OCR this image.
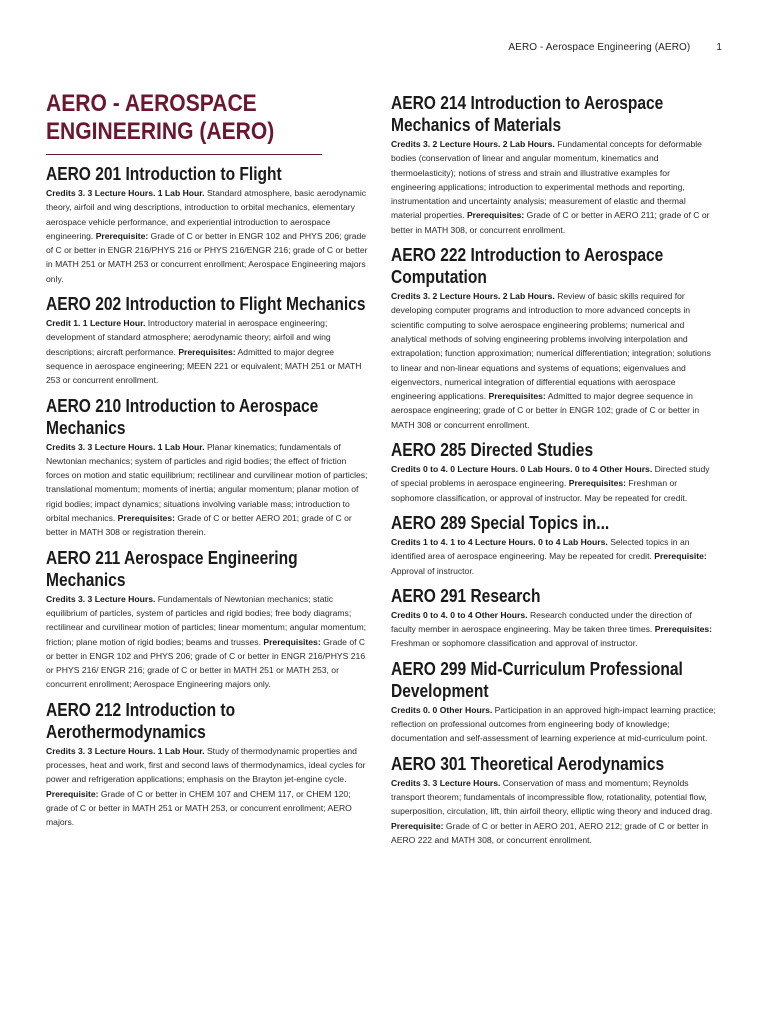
AERO - Aerospace Engineering (AERO)	1
AERO - AEROSPACE ENGINEERING (AERO)
AERO 201 Introduction to Flight

Credits 3. 3 Lecture Hours. 1 Lab Hour. Standard atmosphere, basic aerodynamic theory, airfoil and wing descriptions, introduction to orbital mechanics, elementary aerospace vehicle performance, and experiential introduction to aerospace engineering. Prerequisite: Grade of C or better in ENGR 102 and PHYS 206; grade of C or better in ENGR 216/PHYS 216 or PHYS 216/ENGR 216; grade of C or better in MATH 251 or MATH 253 or concurrent enrollment; Aerospace Engineering majors only.

AERO 202 Introduction to Flight Mechanics

Credit 1. 1 Lecture Hour. Introductory material in aerospace engineering; development of standard atmosphere; aerodynamic theory; airfoil and wing descriptions; aircraft performance. Prerequisites: Admitted to major degree sequence in aerospace engineering; MEEN 221 or equivalent; MATH 251 or MATH 253 or concurrent enrollment.

AERO 210 Introduction to Aerospace Mechanics

Credits 3. 3 Lecture Hours. 1 Lab Hour. Planar kinematics; fundamentals of Newtonian mechanics; system of particles and rigid bodies; the effect of friction forces on motion and static equilibrium; rectilinear and curvilinear motion of particles; translational momentum; moments of inertia; angular momentum; planar motion of rigid bodies; impact dynamics; situations involving variable mass; introduction to orbital mechanics. Prerequisites: Grade of C or better AERO 201; grade of C or better in MATH 308 or registration therein.

AERO 211 Aerospace Engineering Mechanics

Credits 3. 3 Lecture Hours. Fundamentals of Newtonian mechanics; static equilibrium of particles, system of particles and rigid bodies; free body diagrams; rectilinear and curvilinear motion of particles; linear momentum; angular momentum; friction; plane motion of rigid bodies; beams and trusses. Prerequisites: Grade of C or better in ENGR 102 and PHYS 206; grade of C or better in ENGR 216/PHYS 216 or PHYS 216/ ENGR 216; grade of C or better in MATH 251 or MATH 253, or concurrent enrollment; Aerospace Engineering majors only.

AERO 212 Introduction to Aerothermodynamics

Credits 3. 3 Lecture Hours. 1 Lab Hour. Study of thermodynamic properties and processes, heat and work, first and second laws of thermodynamics, ideal cycles for power and refrigeration applications; emphasis on the Brayton jet-engine cycle. Prerequisite: Grade of C or better in CHEM 107 and CHEM 117, or CHEM 120; grade of C or better in MATH 251 or MATH 253, or concurrent enrollment; AERO majors.

AERO 214 Introduction to Aerospace Mechanics of Materials

Credits 3. 2 Lecture Hours. 2 Lab Hours. Fundamental concepts for deformable bodies (conservation of linear and angular momentum, kinematics and thermoelasticity); notions of stress and strain and illustrative examples for engineering applications; introduction to experimental methods and reporting, instrumentation and uncertainty analysis; measurement of elastic and thermal material properties. Prerequisites: Grade of C or better in AERO 211; grade of C or better in MATH 308, or concurrent enrollment.

AERO 222 Introduction to Aerospace Computation

Credits 3. 2 Lecture Hours. 2 Lab Hours. Review of basic skills required for developing computer programs and introduction to more advanced concepts in scientific computing to solve aerospace engineering problems; numerical and analytical methods of solving engineering problems involving interpolation and extrapolation; function approximation; numerical differentiation; integration; solutions to linear and non-linear equations and systems of equations; eigenvalues and eigenvectors, numerical integration of differential equations with aerospace engineering applications. Prerequisites: Admitted to major degree sequence in aerospace engineering; grade of C or better in ENGR 102; grade of C or better in MATH 308 or concurrent enrollment.

AERO 285 Directed Studies

Credits 0 to 4. 0 Lecture Hours. 0 Lab Hours. 0 to 4 Other Hours. Directed study of special problems in aerospace engineering. Prerequisites: Freshman or sophomore classification, or approval of instructor. May be repeated for credit.

AERO 289 Special Topics in...

Credits 1 to 4. 1 to 4 Lecture Hours. 0 to 4 Lab Hours. Selected topics in an identified area of aerospace engineering. May be repeated for credit. Prerequisite: Approval of instructor.

AERO 291 Research

Credits 0 to 4. 0 to 4 Other Hours. Research conducted under the direction of faculty member in aerospace engineering. May be taken three times. Prerequisites: Freshman or sophomore classification and approval of instructor.

AERO 299 Mid-Curriculum Professional Development

Credits 0. 0 Other Hours. Participation in an approved high-impact learning practice; reflection on professional outcomes from engineering body of knowledge; documentation and self-assessment of learning experience at mid-curriculum point.

AERO 301 Theoretical Aerodynamics

Credits 3. 3 Lecture Hours. Conservation of mass and momentum; Reynolds transport theorem; fundamentals of incompressible flow, rotationality, potential flow, superposition, circulation, lift, thin airfoil theory, elliptic wing theory and induced drag. Prerequisite: Grade of C or better in AERO 201, AERO 212; grade of C or better in AERO 222 and MATH 308, or concurrent enrollment.
